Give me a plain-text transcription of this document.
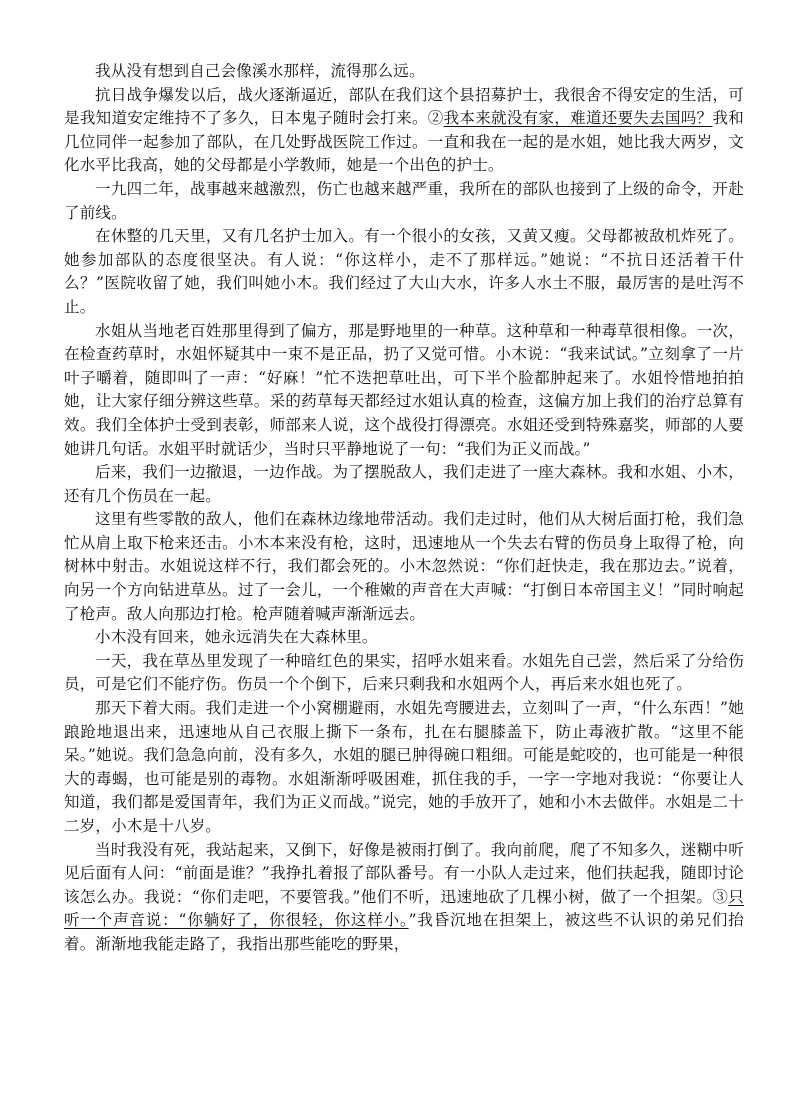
我从没有想到自己会像溪水那样，流得那么远。

抗日战争爆发以后，战火逐渐逼近，部队在我们这个县招募护士，我很舍不得安定的生活，可是我知道安定维持不了多久，日本鬼子随时会打来。②我本来就没有家，难道还要失去国吗？我和几位同伴一起参加了部队，在几处野战医院工作过。一直和我在一起的是水姐，她比我大两岁，文化水平比我高，她的父母都是小学教师，她是一个出色的护士。

一九四二年，战事越来越激烈，伤亡也越来越严重，我所在的部队也接到了上级的命令，开赴了前线。

在休整的几天里，又有几名护士加入。有一个很小的女孩，又黄又瘦。父母都被敌机炸死了。她参加部队的态度很坚决。有人说：“你这样小，走不了那样远。”她说：“不抗日还活着干什么？”医院收留了她，我们叫她小木。我们经过了大山大水，许多人水土不服，最厉害的是吐泻不止。

水姐从当地老百姓那里得到了偏方，那是野地里的一种草。这种草和一种毒草很相像。一次，在检查药草时，水姐怀疑其中一束不是正品，扔了又觉可惜。小木说：“我来试试。”立刻拿了一片叶子嚼着，随即叫了一声：“好麻！”忙不迭把草吐出，可下半个脸都肿起来了。水姐怜惜地拍拍她，让大家仔细分辨这些草。采的药草每天都经过水姐认真的检查，这偏方加上我们的治疗总算有效。我们全体护士受到表彰，师部来人说，这个战役打得漂亮。水姐还受到特殊嘉奖，师部的人要她讲几句话。水姐平时就话少，当时只平静地说了一句：“我们为正义而战。”

后来，我们一边撤退，一边作战。为了摆脱敌人，我们走进了一座大森林。我和水姐、小木，还有几个伤员在一起。

这里有些零散的敌人，他们在森林边缘地带活动。我们走过时，他们从大树后面打枪，我们急忙从肩上取下枪来还击。小木本来没有枪，这时，迅速地从一个失去右臂的伤员身上取得了枪，向树林中射击。水姐说这样不行，我们都会死的。小木忽然说：“你们赶快走，我在那边去。”说着，向另一个方向钻进草丛。过了一会儿，一个稚嫩的声音在大声喊：“打倒日本帝国主义！”同时响起了枪声。敌人向那边打枪。枪声随着喊声渐渐远去。

小木没有回来，她永远消失在大森林里。

一天，我在草丛里发现了一种暗红色的果实，招呼水姐来看。水姐先自己尝，然后采了分给伤员，可是它们不能疗伤。伤员一个个倒下，后来只剩我和水姐两个人，再后来水姐也死了。

那天下着大雨。我们走进一个小窝棚避雨，水姐先弯腰进去，立刻叫了一声，“什么东西！”她踉跄地退出来，迅速地从自己衣服上撕下一条布，扎在右腿膝盖下，防止毒液扩散。“这里不能呆。”她说。我们急急向前，没有多久，水姐的腿已肿得碗口粗细。可能是蛇咬的，也可能是一种很大的毒蝎，也可能是别的毒物。水姐渐渐呼吸困难，抓住我的手，一字一字地对我说：“你要让人知道，我们都是爱国青年，我们为正义而战。”说完，她的手放开了，她和小木去做伴。水姐是二十二岁，小木是十八岁。

当时我没有死，我站起来，又倒下，好像是被雨打倒了。我向前爬，爬了不知多久，迷糊中听见后面有人问：“前面是谁？”我挣扎着报了部队番号。有一小队人走过来，他们扶起我，随即讨论该怎么办。我说：“你们走吧，不要管我。”他们不听，迅速地砍了几棵小树，做了一个担架。③只听一个声音说：“你躺好了，你很轻，你这样小。”我昏沉地在担架上，被这些不认识的弟兄们抬着。渐渐地我能走路了，我指出那些能吃的野果，
